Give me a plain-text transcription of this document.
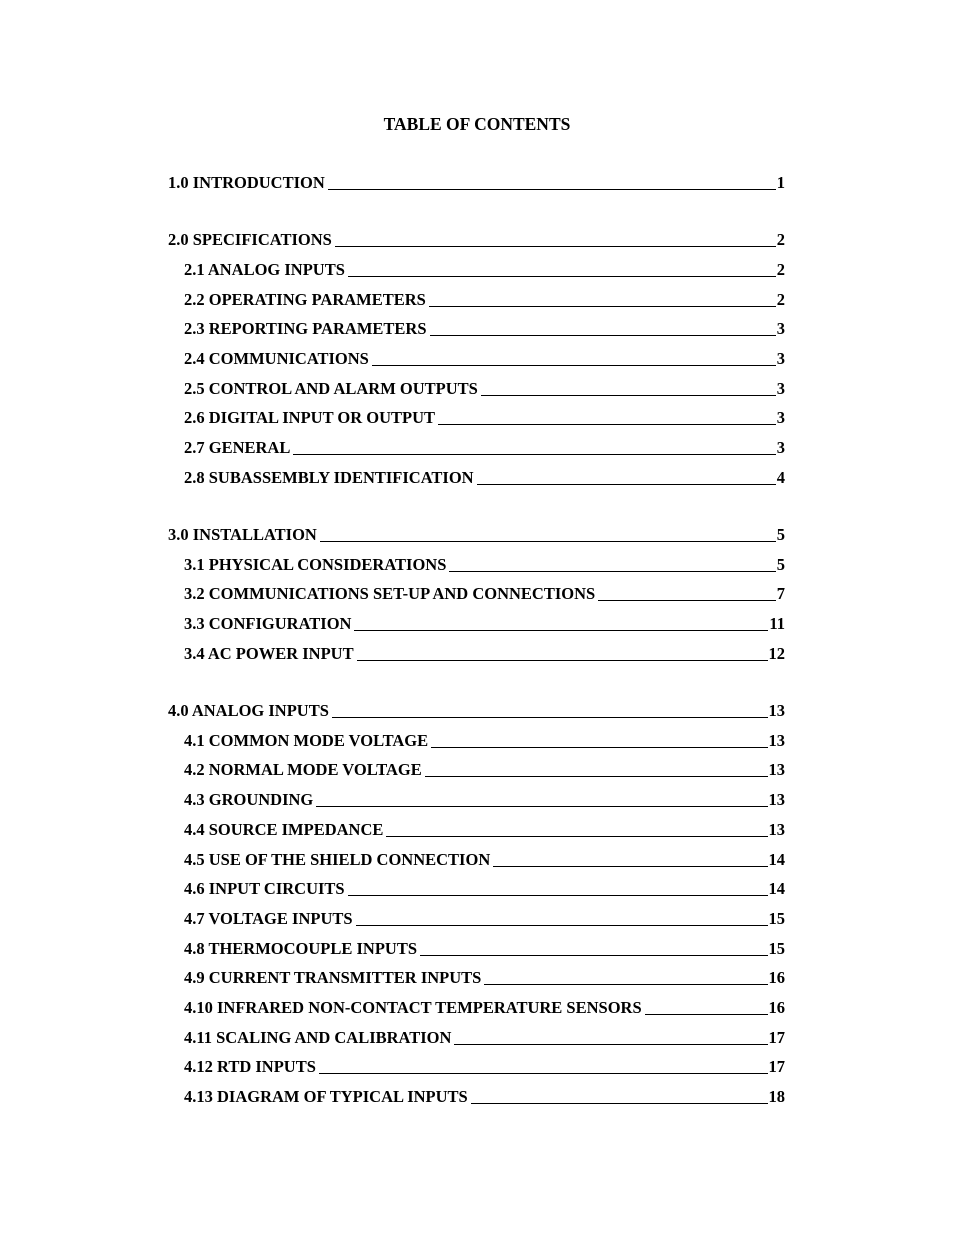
TABLE OF CONTENTS
1.0 INTRODUCTION	1
2.0 SPECIFICATIONS	2
2.1 ANALOG INPUTS	2
2.2 OPERATING PARAMETERS	2
2.3 REPORTING PARAMETERS	3
2.4 COMMUNICATIONS	3
2.5 CONTROL AND ALARM OUTPUTS	3
2.6 DIGITAL INPUT OR OUTPUT	3
2.7 GENERAL	3
2.8 SUBASSEMBLY IDENTIFICATION	4
3.0 INSTALLATION	5
3.1 PHYSICAL CONSIDERATIONS	5
3.2 COMMUNICATIONS SET-UP AND CONNECTIONS	7
3.3 CONFIGURATION	11
3.4 AC POWER INPUT	12
4.0 ANALOG INPUTS	13
4.1 COMMON MODE VOLTAGE	13
4.2 NORMAL MODE VOLTAGE	13
4.3 GROUNDING	13
4.4 SOURCE IMPEDANCE	13
4.5 USE OF THE SHIELD CONNECTION	14
4.6 INPUT CIRCUITS	14
4.7 VOLTAGE INPUTS	15
4.8 THERMOCOUPLE INPUTS	15
4.9 CURRENT TRANSMITTER INPUTS	16
4.10 INFRARED NON-CONTACT TEMPERATURE SENSORS	16
4.11 SCALING AND CALIBRATION	17
4.12 RTD INPUTS	17
4.13 DIAGRAM OF TYPICAL INPUTS	18
